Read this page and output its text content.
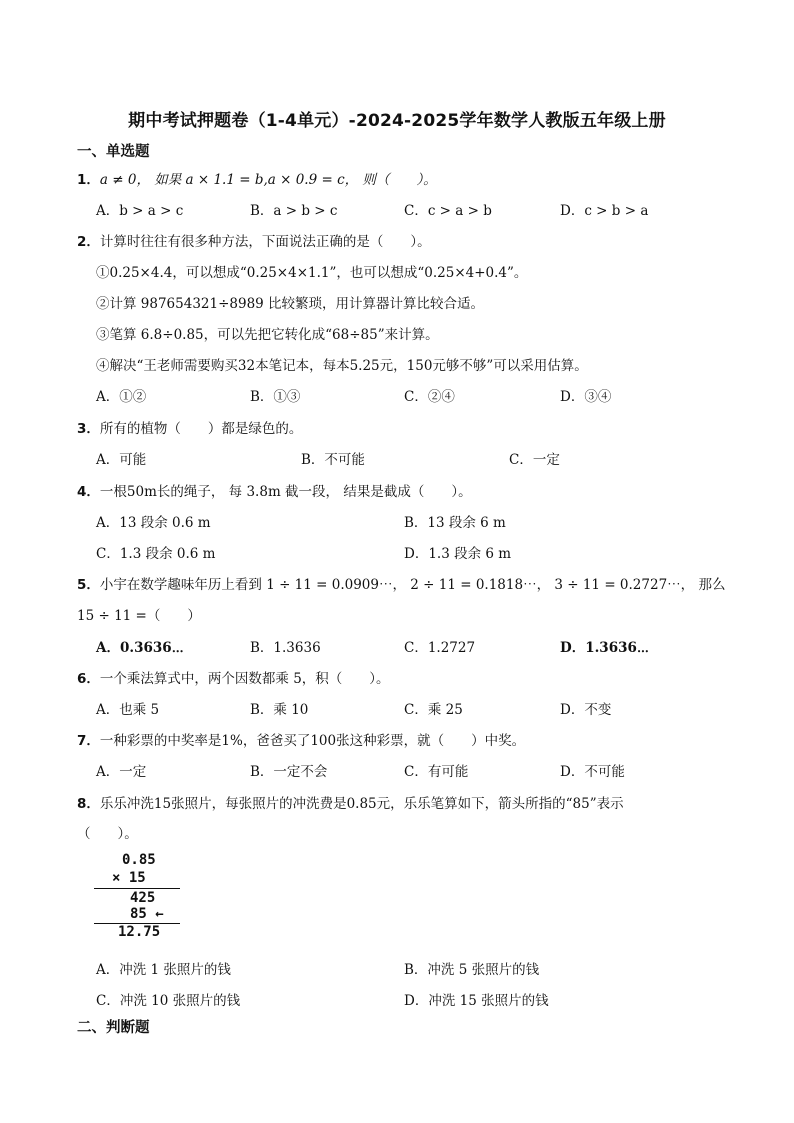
期中考试押题卷（1-4单元）-2024-2025学年数学人教版五年级上册
一、单选题
1．a ≠ 0， 如果 a × 1.1 = b,a × 0.9 = c， 则（　　）。
A．b > a > c	B．a > b > c	C．c > a > b	D．c > b > a
2．计算时往往有很多种方法，下面说法正确的是（　　）。
①0.25×4.4，可以想成“0.25×4×1.1”，也可以想成“0.25×4+0.4”。
②计算 987654321÷8989 比较繁琐，用计算器计算比较合适。
③笔算 6.8÷0.85，可以先把它转化成“68÷85”来计算。
④解决“王老师需要购买32本笔记本，每本5.25元，150元够不够”可以采用估算。
A．①②	B．①③	C．②④	D．③④
3．所有的植物（　　）都是绿色的。
A．可能	B．不可能	C．一定
4．一根50m长的绳子， 每 3.8m 截一段， 结果是截成（　　）。
A．13 段余 0.6 m	B．13 段余 6 m
C．1.3 段余 0.6 m	D．1.3 段余 6 m
5．小宇在数学趣味年历上看到 1 ÷ 11 = 0.0909⋯， 2 ÷ 11 = 0.1818⋯， 3 ÷ 11 = 0.2727⋯， 那么
15 ÷ 11 =（　　）
A．0.3636⋯	B．1.3636	C．1.2727	D．1.3636⋯
6．一个乘法算式中，两个因数都乘 5，积（　　）。
A．也乘 5	B．乘 10	C．乘 25	D．不变
7．一种彩票的中奖率是1%，爸爸买了100张这种彩票，就（　　）中奖。
A．一定	B．一定不会	C．有可能	D．不可能
8．乐乐冲洗15张照片，每张照片的冲洗费是0.85元，乐乐笔算如下，箭头所指的“85”表示
（　　）。
0.85
× 15
425
85 ←
12.75
A．冲洗 1 张照片的钱	B．冲洗 5 张照片的钱
C．冲洗 10 张照片的钱	D．冲洗 15 张照片的钱
二、判断题
